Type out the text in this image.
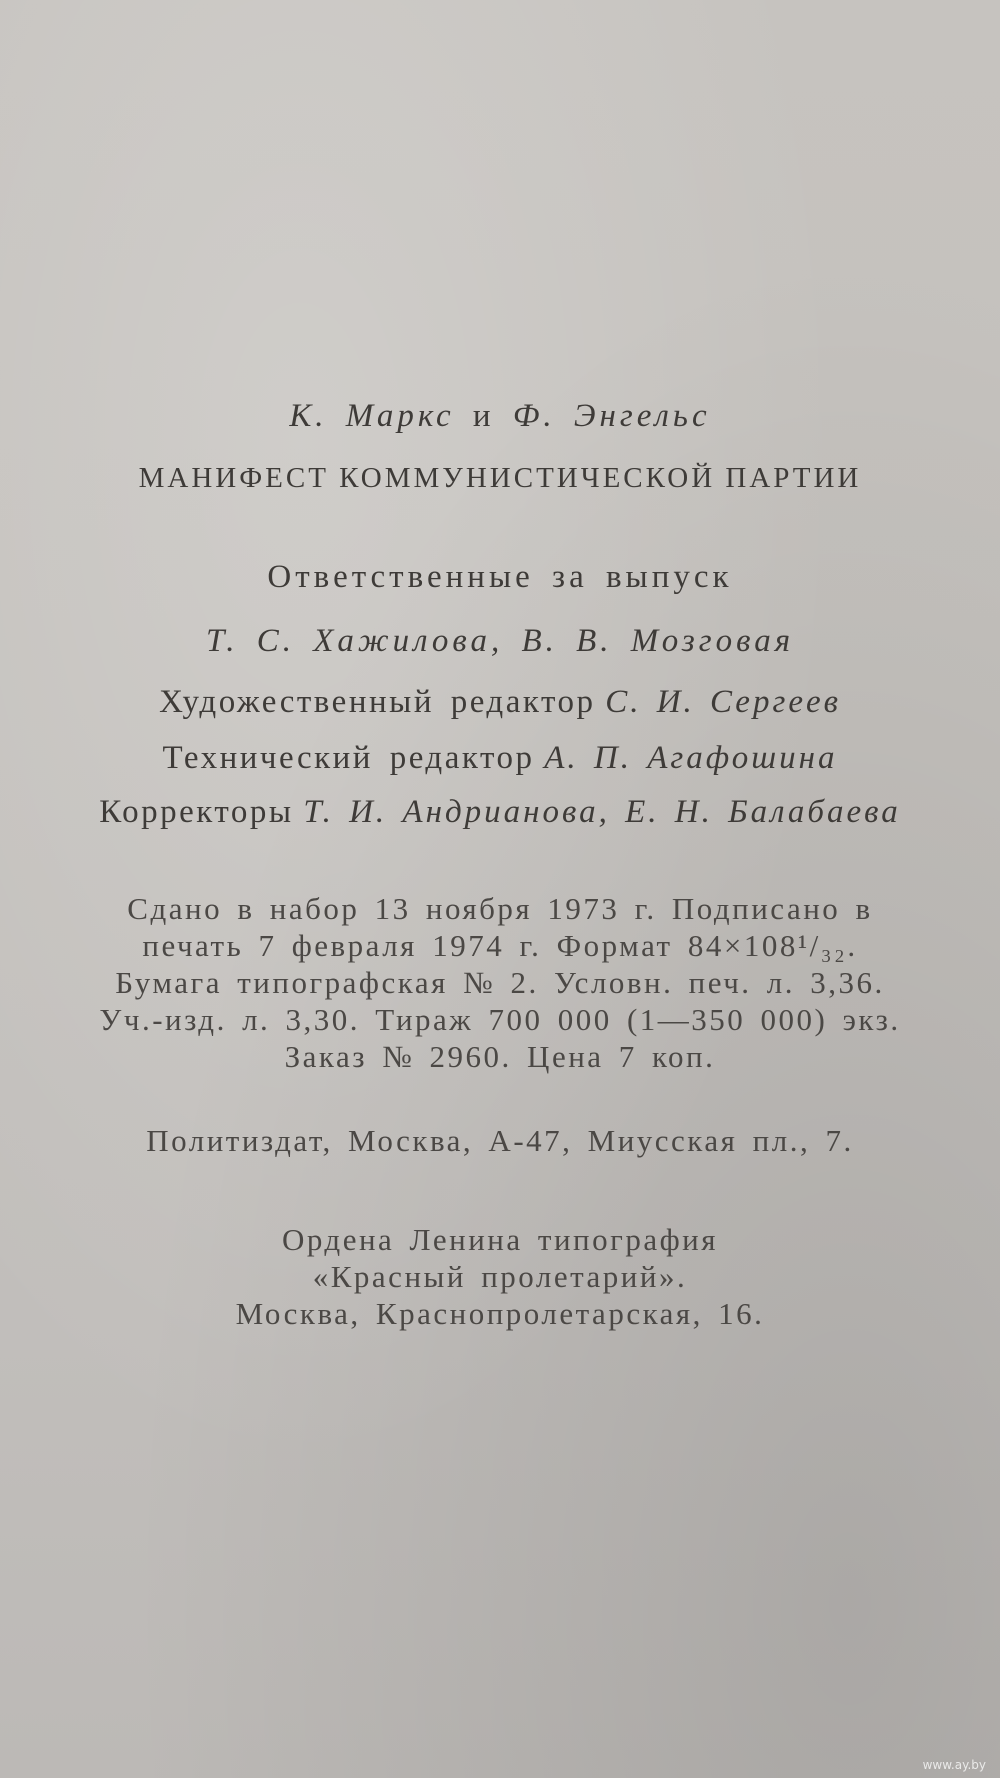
К. Маркс и Ф. Энгельс
МАНИФЕСТ КОММУНИСТИЧЕСКОЙ ПАРТИИ
Ответственные за выпуск
Т. С. Хажилова, В. В. Мозговая
Художественный редактор С. И. Сергеев
Технический редактор А. П. Агафошина
Корректоры Т. И. Андрианова, Е. Н. Балабаева
Сдано в набор 13 ноября 1973 г. Подписано в
печать 7 февраля 1974 г. Формат 84×108¹/₃₂.
Бумага типографская № 2. Условн. печ. л. 3,36.
Уч.-изд. л. 3,30. Тираж 700 000 (1—350 000) экз.
Заказ № 2960. Цена 7 коп.
Политиздат, Москва, А-47, Миусская пл., 7.
Ордена Ленина типография
«Красный пролетарий».
Москва, Краснопролетарская, 16.
www.ay.by
